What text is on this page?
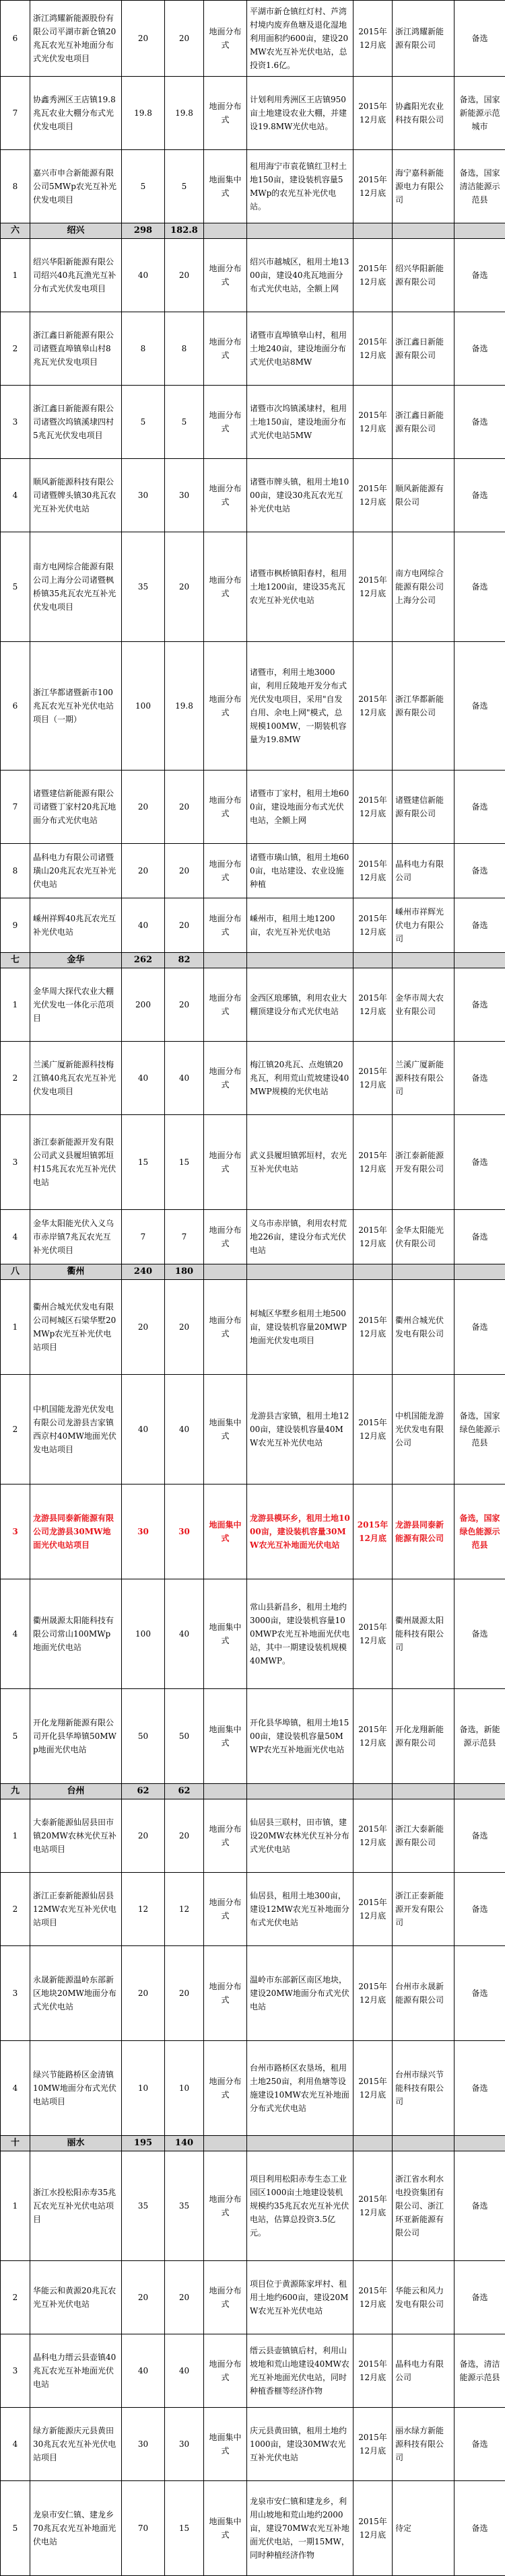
6	浙江鸿耀新能源股份有限公司平湖市新仓镇20兆瓦农光互补地面分布式光伏发电项目	20	20	地面分布式	平湖市新仓镇红灯村、芦湾村境内废弃鱼塘及退化湿地利用面积约600亩，建设20MW农光互补光伏电站，总投资1.6亿。	2015年12月底	浙江鸿耀新能源有限公司	备选
7	协鑫秀洲区王店镇19.8兆瓦农业大棚分布式光伏发电项目	19.8	19.8	地面分布式	计划利用秀洲区王店镇950亩土地建设农业大棚，并建设19.8MW光伏电站。	2015年12月底	协鑫阳光农业科技有限公司	备选，国家新能源示范城市
8	嘉兴市申合新能源有限公司5MWp农光互补光伏发电项目	5	5	地面集中式	租用海宁市袁花镇红卫村土地150亩，建设装机容量5MWp的农光互补光伏电站。	2015年12月底	海宁嘉科新能源电力有限公司	备选，国家清洁能源示范县
六	绍兴	298	182.8					
1	绍兴华阳新能源有限公司绍兴40兆瓦渔光互补分布式光伏发电项目	40	20	地面分布式	绍兴市越城区，租用土地1300亩，建设40兆瓦地面分布式光伏电站，全额上网	2015年12月底	绍兴华阳新能源有限公司	备选
2	浙江鑫日新能源有限公司诸暨直埠镇皋山村8兆瓦光伏发电项目	8	8	地面分布式	诸暨市直埠镇皋山村，租用土地240亩，建设地面分布式光伏电站8MW	2015年12月底	浙江鑫日新能源有限公司	备选
3	浙江鑫日新能源有限公司诸暨次坞镇溪埭四村5兆瓦光伏发电项目	5	5	地面分布式	诸暨市次坞镇溪埭村，租用土地150亩，建设地面分布式光伏电站5MW	2015年12月底	浙江鑫日新能源有限公司	备选
4	顺风新能源科技有限公司诸暨牌头镇30兆瓦农光互补光伏电站	30	30	地面分布式	诸暨市牌头镇，租用土地1000亩，建设30兆瓦农光互补光伏电站	2015年12月底	顺风新能源有限公司	备选
5	南方电网综合能源有限公司上海分公司诸暨枫桥镇35兆瓦农光互补光伏发电项目	35	20	地面分布式	诸暨市枫桥镇阳春村，租用土地1200亩，建设35兆瓦农光互补光伏电站	2015年12月底	南方电网综合能源有限公司上海分公司	备选
6	浙江华都诸暨新市100兆瓦农光互补光伏电站项目（一期）	100	19.8	地面分布式	诸暨市，利用土地3000亩，利用丘陵地开发分布式光伏发电项目，采用"自发自用、余电上网"模式，总规模100MW，一期装机容量为19.8MW	2015年12月底	浙江华都新能源有限公司	备选
7	诸暨建信新能源有限公司诸暨丁家村20兆瓦地面分布式光伏电站	20	20	地面分布式	诸暨市丁家村，租用土地600亩，建设地面分布式光伏电站，全额上网	2015年12月底	诸暨建信新能源有限公司	备选
8	晶科电力有限公司诸暨璜山20兆瓦农光互补光伏电站	20	20	地面分布式	诸暨市璜山镇，租用土地600亩，电站建设、农业设施种植	2015年12月底	晶科电力有限公司	备选
9	嵊州祥辉40兆瓦农光互补光伏电站	40	20	地面分布式	嵊州市，租用土地1200亩，农光互补光伏电站	2015年12月底	嵊州市祥辉光伏电力有限公司	备选
七	金华	262	82					
1	金华周大探代农业大棚光伏发电一体化示范项目	200	20	地面分布式	金西区琅琊镇，利用农业大棚顶建设分布式光伏电站	2015年12月底	金华市周大农业有限公司	备选
2	兰溪广厦新能源科技梅江镇40兆瓦农光互补光伏发电项目	40	40	地面分布式	梅江镇20兆瓦、点炮镇20兆瓦，利用荒山荒坡建设40MWP规模的光伏电站	2015年12月底	兰溪广厦新能源科技有限公司	备选
3	浙江泰新能源开发有限公司武义县履坦镇郭垣村15兆瓦农光互补光伏电站	15	15	地面分布式	武义县履坦镇郭垣村，农光互补光伏电站	2015年12月底	浙江泰新能源开发有限公司	备选
4	金华太阳能光伏入义乌市赤岸镇7兆瓦农光互补光伏项目	7	7	地面分布式	义乌市赤岸镇，利用农村荒地226亩，建设分布式光伏电站	2015年12月底	金华太阳能光伏有限公司	备选
八	衢州	240	180					
1	衢州合城光伏发电有限公司柯城区石梁华墅20MWp农光互补光伏电站项目	20	20	地面分布式	柯城区华墅乡租用土地500亩，建设装机容量20MWP地面光伏发电项目	2015年12月底	衢州合城光伏发电有限公司	备选
2	中机国能龙游光伏发电有限公司龙游县吉家镇西京村40MW地面光伏发电站项目	40	40	地面集中式	龙游县吉家镇，租用土地1200亩，建设装机容量40MW农光互补光伏电站	2015年12月底	中机国能龙游光伏发电有限公司	备选，国家绿色能源示范县
3	龙游县同泰新能源有限公司龙游县30MW地面光伏电站项目	30	30	地面集中式	龙游县模环乡，租用土地1000亩，建设装机容量30MW农光互补地面光伏电站	2015年12月底	龙游县同泰新能源有限公司	备选，国家绿色能源示范县
4	衢州晟源太阳能科技有限公司常山100MWp地面光伏电站	100	40	地面集中式	常山县新昌乡，租用土地约3000亩，建设装机容量100MWP农光互补地面光伏电站，其中一期建设装机规模40MWP。	2015年12月底	衢州晟源太阳能科技有限公司	备选
5	开化龙翔新能源有限公司开化县华埠镇50MWp地面光伏电站	50	50	地面集中式	开化县华埠镇，租用土地1500亩，建设装机容量50MWP农光互补地面光伏电站	2015年12月底	开化龙翔新能源有限公司	备选，新能源示范县
九	台州	62	62					
1	大泰新能源仙居县田市镇20MW农林光伏互补电站项目	20	20	地面分布式	仙居县三联村，田市镇，建设20MW农林光伏互补分布式光伏电站	2015年12月底	浙江大泰新能源有限公司	备选
2	浙江正泰新能源仙居县12MW农光互补光伏电站项目	12	12	地面分布式	仙居县，租用土地300亩，建设12MW农光互补地面分布式光伏电站	2015年12月底	浙江正泰新能源开发有限公司	备选
3	永晟新能源温岭东部新区地块20MW地面分布式光伏电站	20	20	地面分布式	温岭市东部新区南区地块，建设20MW地面分布式光伏电站	2015年12月底	台州市永晟新能源有限公司	备选
4	绿兴节能路桥区金清镇10MW地面分布式光伏电站项目	10	10	地面分布式	台州市路桥区农垦场，租用土地250亩，利用鱼塘等设施建设10MW农光互补地面分布式光伏电站	2015年12月底	台州市绿兴节能科技有限公司	备选
十	丽水	195	140					
1	浙江水投松阳赤寿35兆瓦农光互补光伏电站项目	35	35	地面分布式	项目利用松阳赤寿生态工业园区1000亩土地建设装机规模约35兆瓦农光互补光伏电站，估算总投资3.5亿元。	2015年12月底	浙江省水利水电投资集团有限公司、浙江环亚新能源有限公司	备选
2	华能云和黄源20兆瓦农光互补光伏电站	20	20	地面分布式	项目位于黄源陈家坪村、租用土地约600亩，建设20MW农光互补光伏电站	2015年12月底	华能云和风力发电有限公司	备选
3	晶科电力缙云县壶镇40兆瓦农光互补地面光伏电站	40	40	地面分布式	缙云县壶镇镇后村，利用山坡地和荒山地建设40MW农光互补地面光伏电站，同时种植香榧等经济作物	2015年12月底	晶科电力有限公司	备选，清洁能源示范县
4	绿方新能源庆元县黄田30兆瓦农光互补光伏电站项目	30	30	地面集中式	庆元县黄田镇，租用土地约1000亩，建设30MW农光互补光伏电站	2015年12月底	丽水绿方新能源科技有限公司	备选
5	龙泉市安仁镇、建龙乡70兆瓦农光互补地面光伏电站	70	15	地面集中式	龙泉市安仁镇和建龙乡，利用山坡地和荒山地约2000亩，建设70MW农光互补地面光伏电站，一期15MW，同时种植经济作物	2015年12月底	待定	备选
